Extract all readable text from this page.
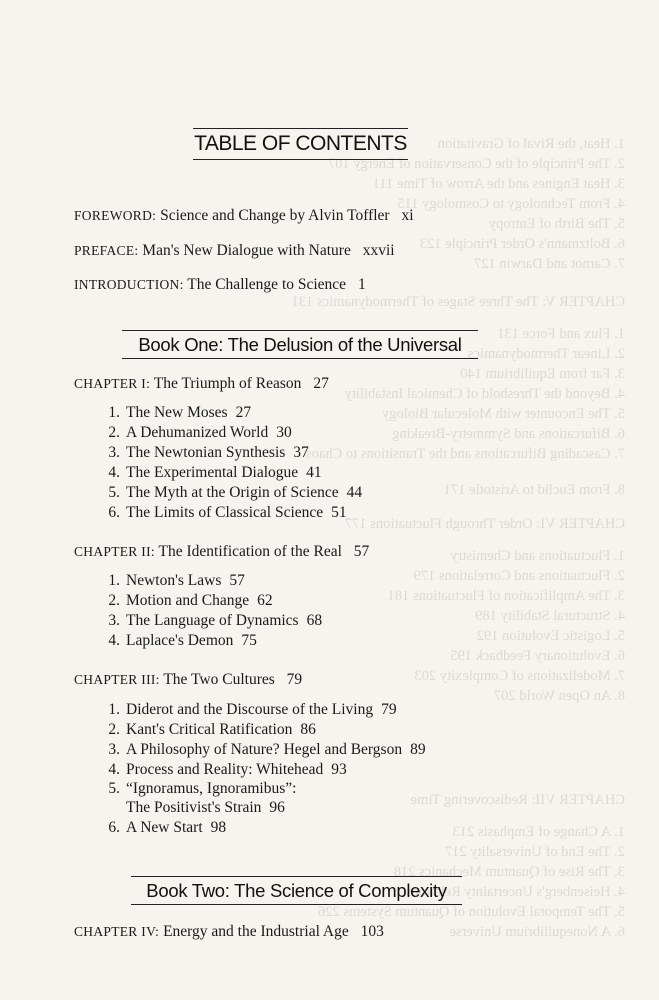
1. Heat, the Rival of Gravitation
2. The Principle of the Conservation of Energy 107
3. Heat Engines and the Arrow of Time 111
4. From Technology to Cosmology 115
5. The Birth of Entropy
6. Boltzmann's Order Principle 123
7. Carnot and Darwin 127
CHAPTER V: The Three Stages of Thermodynamics 131
1. Flux and Force 131
2. Linear Thermodynamics
3. Far from Equilibrium 140
4. Beyond the Threshold of Chemical Instability
5. The Encounter with Molecular Biology
6. Bifurcations and Symmetry-Breaking
7. Cascading Bifurcations and the Transitions to Chaos
8. From Euclid to Aristotle 171
CHAPTER VI: Order Through Fluctuations 177
1. Fluctuations and Chemistry
2. Fluctuations and Correlations 179
3. The Amplification of Fluctuations 181
4. Structural Stability 189
5. Logistic Evolution 192
6. Evolutionary Feedback 195
7. Modelizations of Complexity 203
8. An Open World 207
CHAPTER VII: Rediscovering Time
1. A Change of Emphasis 213
2. The End of Universality 217
3. The Rise of Quantum Mechanics 218
4. Heisenberg's Uncertainty Relations
5. The Temporal Evolution of Quantum Systems 226
6. A Nonequilibrium Universe
TABLE OF CONTENTS
FOREWORD: Science and Change by Alvin Toffler xi
PREFACE: Man's New Dialogue with Nature xxvii
INTRODUCTION: The Challenge to Science 1
Book One: The Delusion of the Universal
CHAPTER I: The Triumph of Reason 27
1. The New Moses 27
2. A Dehumanized World 30
3. The Newtonian Synthesis 37
4. The Experimental Dialogue 41
5. The Myth at the Origin of Science 44
6. The Limits of Classical Science 51
CHAPTER II: The Identification of the Real 57
1. Newton's Laws 57
2. Motion and Change 62
3. The Language of Dynamics 68
4. Laplace's Demon 75
CHAPTER III: The Two Cultures 79
1. Diderot and the Discourse of the Living 79
2. Kant's Critical Ratification 86
3. A Philosophy of Nature? Hegel and Bergson 89
4. Process and Reality: Whitehead 93
5. “Ignoramus, Ignoramibus”:
The Positivist's Strain 96
6. A New Start 98
Book Two: The Science of Complexity
CHAPTER IV: Energy and the Industrial Age 103
